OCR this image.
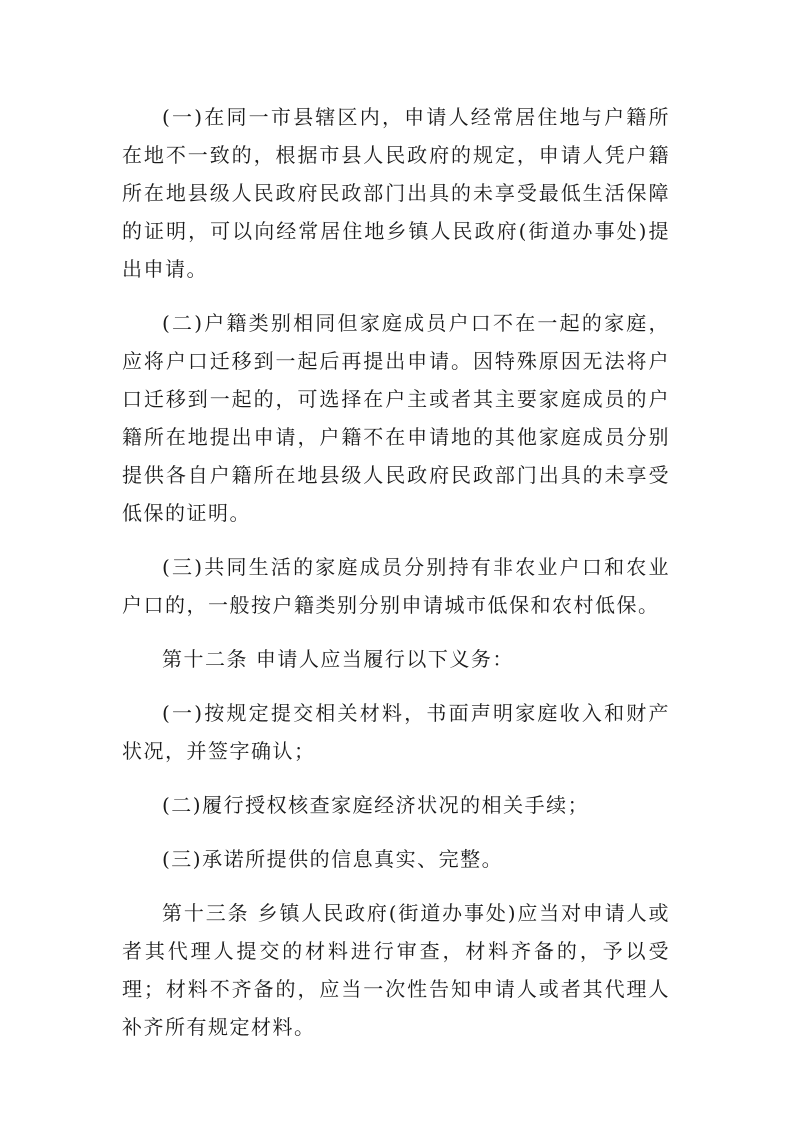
(一)在同一市县辖区内，申请人经常居住地与户籍所在地不一致的，根据市县人民政府的规定，申请人凭户籍所在地县级人民政府民政部门出具的未享受最低生活保障的证明，可以向经常居住地乡镇人民政府(街道办事处)提出申请。

(二)户籍类别相同但家庭成员户口不在一起的家庭，应将户口迁移到一起后再提出申请。因特殊原因无法将户口迁移到一起的，可选择在户主或者其主要家庭成员的户籍所在地提出申请，户籍不在申请地的其他家庭成员分别提供各自户籍所在地县级人民政府民政部门出具的未享受低保的证明。

(三)共同生活的家庭成员分别持有非农业户口和农业户口的，一般按户籍类别分别申请城市低保和农村低保。

第十二条 申请人应当履行以下义务：

(一)按规定提交相关材料，书面声明家庭收入和财产状况，并签字确认；

(二)履行授权核查家庭经济状况的相关手续；

(三)承诺所提供的信息真实、完整。

第十三条 乡镇人民政府(街道办事处)应当对申请人或者其代理人提交的材料进行审查，材料齐备的，予以受理；材料不齐备的，应当一次性告知申请人或者其代理人补齐所有规定材料。
